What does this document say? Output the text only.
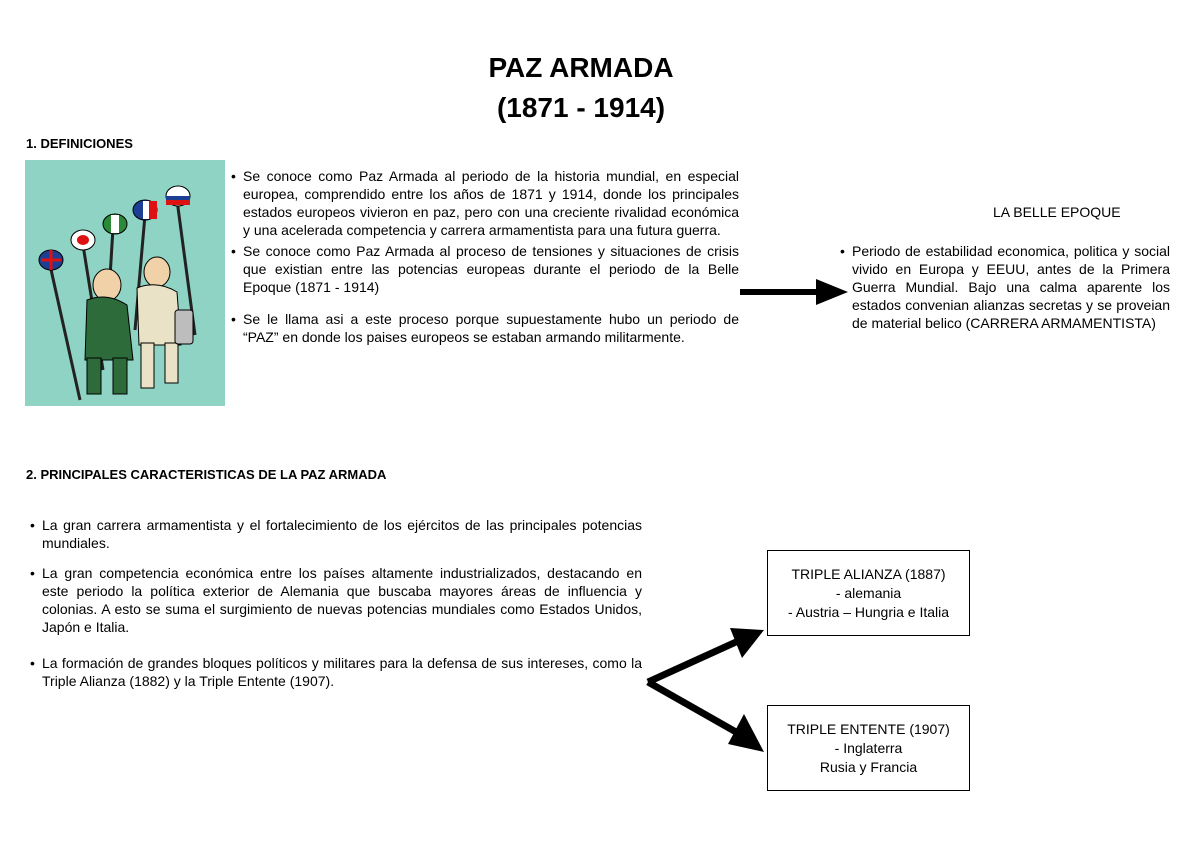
PAZ ARMADA
(1871 - 1914)
1. DEFINICIONES
• Se conoce como Paz Armada al periodo de la historia mundial, en especial europea, comprendido entre los años de 1871 y 1914, donde los principales estados europeos vivieron en paz, pero con una creciente rivalidad económica y una acelerada competencia y carrera armamentista para una futura guerra.
• Se conoce como Paz Armada al proceso de tensiones y situaciones de crisis que existian entre las potencias europeas durante el periodo de la Belle Epoque (1871 - 1914)
• Se le llama asi a este proceso porque supuestamente hubo un periodo de “PAZ” en donde los paises europeos se estaban armando militarmente.
LA BELLE EPOQUE
• Periodo de estabilidad economica, politica y social vivido en Europa y EEUU, antes de la Primera Guerra Mundial. Bajo una calma aparente los estados convenian alianzas secretas y se proveian de material belico (CARRERA ARMAMENTISTA)
2. PRINCIPALES CARACTERISTICAS DE LA PAZ ARMADA
• La gran carrera armamentista y el fortalecimiento de los ejércitos de las principales potencias mundiales.
• La gran competencia económica entre los países altamente industrializados, destacando en este periodo la política exterior de Alemania que buscaba mayores áreas de influencia y colonias. A esto se suma el surgimiento de nuevas potencias mundiales como Estados Unidos, Japón e Italia.
• La formación de grandes bloques políticos y militares para la defensa de sus intereses, como la Triple Alianza (1882) y la Triple Entente (1907).
TRIPLE ALIANZA (1887)
- alemania
- Austria – Hungria e Italia
TRIPLE ENTENTE (1907)
- Inglaterra
Rusia y Francia
